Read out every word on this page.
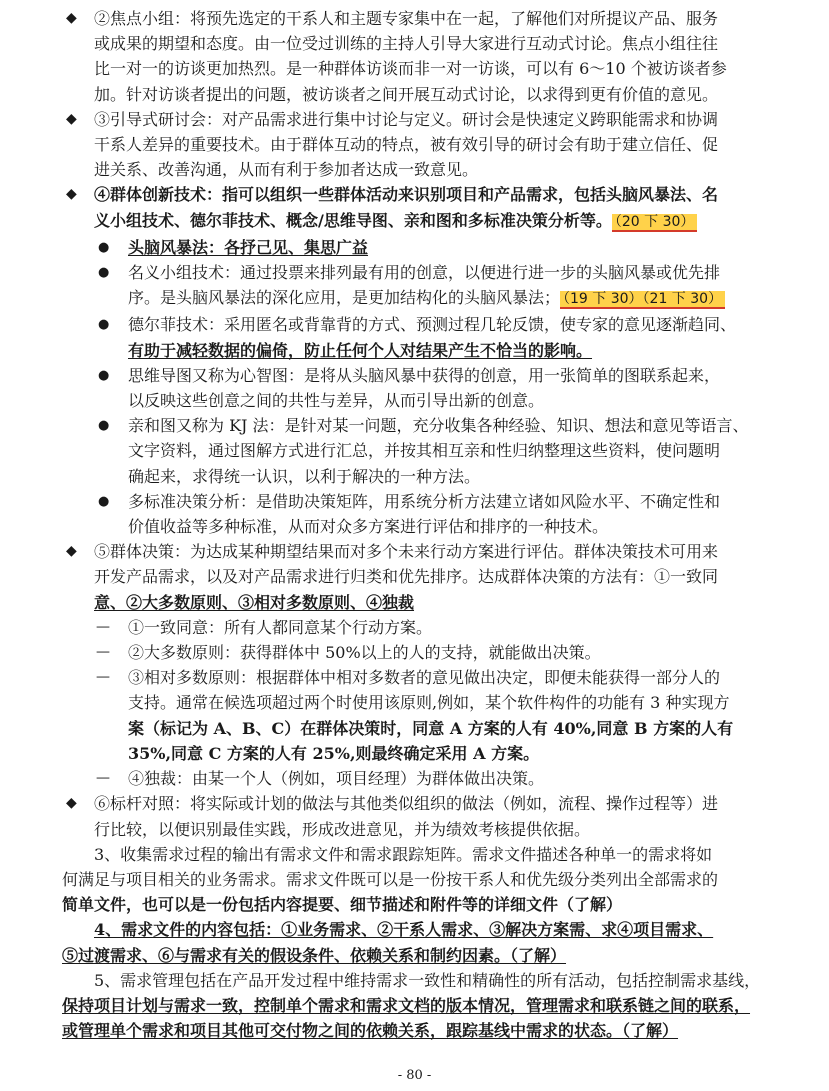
◆ ②焦点小组：将预先选定的干系人和主题专家集中在一起，了解他们对所提议产品、服务
或成果的期望和态度。由一位受过训练的主持人引导大家进行互动式讨论。焦点小组往往
比一对一的访谈更加热烈。是一种群体访谈而非一对一访谈，可以有 6～10 个被访谈者参
加。针对访谈者提出的问题，被访谈者之间开展互动式讨论，以求得到更有价值的意见。
◆ ③引导式研讨会：对产品需求进行集中讨论与定义。研讨会是快速定义跨职能需求和协调
干系人差异的重要技术。由于群体互动的特点，被有效引导的研讨会有助于建立信任、促
进关系、改善沟通，从而有利于参加者达成一致意见。
◆ ④群体创新技术：指可以组织一些群体活动来识别项目和产品需求，包括头脑风暴法、名
义小组技术、德尔菲技术、概念/思维导图、亲和图和多标准决策分析等。 （20 下 30）
● 头脑风暴法：各抒己见、集思广益
● 名义小组技术：通过投票来排列最有用的创意，以便进行进一步的头脑风暴或优先排
序。是头脑风暴法的深化应用，是更加结构化的头脑风暴法； （19 下 30）（21 下 30）
● 德尔菲技术：采用匿名或背靠背的方式、预测过程几轮反馈，使专家的意见逐渐趋同、
有助于减轻数据的偏倚，防止任何个人对结果产生不恰当的影响。
● 思维导图又称为心智图：是将从头脑风暴中获得的创意，用一张简单的图联系起来，
以反映这些创意之间的共性与差异，从而引导出新的创意。
● 亲和图又称为 KJ 法：是针对某一问题，充分收集各种经验、知识、想法和意见等语言、
文字资料，通过图解方式进行汇总，并按其相互亲和性归纳整理这些资料，使问题明
确起来，求得统一认识，以利于解决的一种方法。
● 多标准决策分析：是借助决策矩阵，用系统分析方法建立诸如风险水平、不确定性和
价值收益等多种标准，从而对众多方案进行评估和排序的一种技术。
◆ ⑤群体决策：为达成某种期望结果而对多个未来行动方案进行评估。群体决策技术可用来
开发产品需求，以及对产品需求进行归类和优先排序。达成群体决策的方法有：①一致同
意、②大多数原则、③相对多数原则、④独裁
— ①一致同意：所有人都同意某个行动方案。
— ②大多数原则：获得群体中 50%以上的人的支持，就能做出决策。
— ③相对多数原则：根据群体中相对多数者的意见做出决定，即便未能获得一部分人的
支持。通常在候选项超过两个时使用该原则,例如，某个软件构件的功能有 3 种实现方
案（标记为 A、B、C）在群体决策时，同意 A 方案的人有 40%,同意 B 方案的人有
35%,同意 C 方案的人有 25%,则最终确定采用 A 方案。
— ④独裁：由某一个人（例如，项目经理）为群体做出决策。
◆ ⑥标杆对照：将实际或计划的做法与其他类似组织的做法（例如，流程、操作过程等）进
行比较，以便识别最佳实践，形成改进意见，并为绩效考核提供依据。
3、收集需求过程的输出有需求文件和需求跟踪矩阵。需求文件描述各种单一的需求将如
何满足与项目相关的业务需求。需求文件既可以是一份按干系人和优先级分类列出全部需求的
简单文件，也可以是一份包括内容提要、细节描述和附件等的详细文件（了解）
4、需求文件的内容包括：①业务需求、②干系人需求、③解决方案需、求④项目需求、
⑤过渡需求、⑥与需求有关的假设条件、依赖关系和制约因素。（了解）
5、需求管理包括在产品开发过程中维持需求一致性和精确性的所有活动，包括控制需求基线，
保持项目计划与需求一致，控制单个需求和需求文档的版本情况，管理需求和联系链之间的联系，
或管理单个需求和项目其他可交付物之间的依赖关系，跟踪基线中需求的状态。（了解）
- 80 -
